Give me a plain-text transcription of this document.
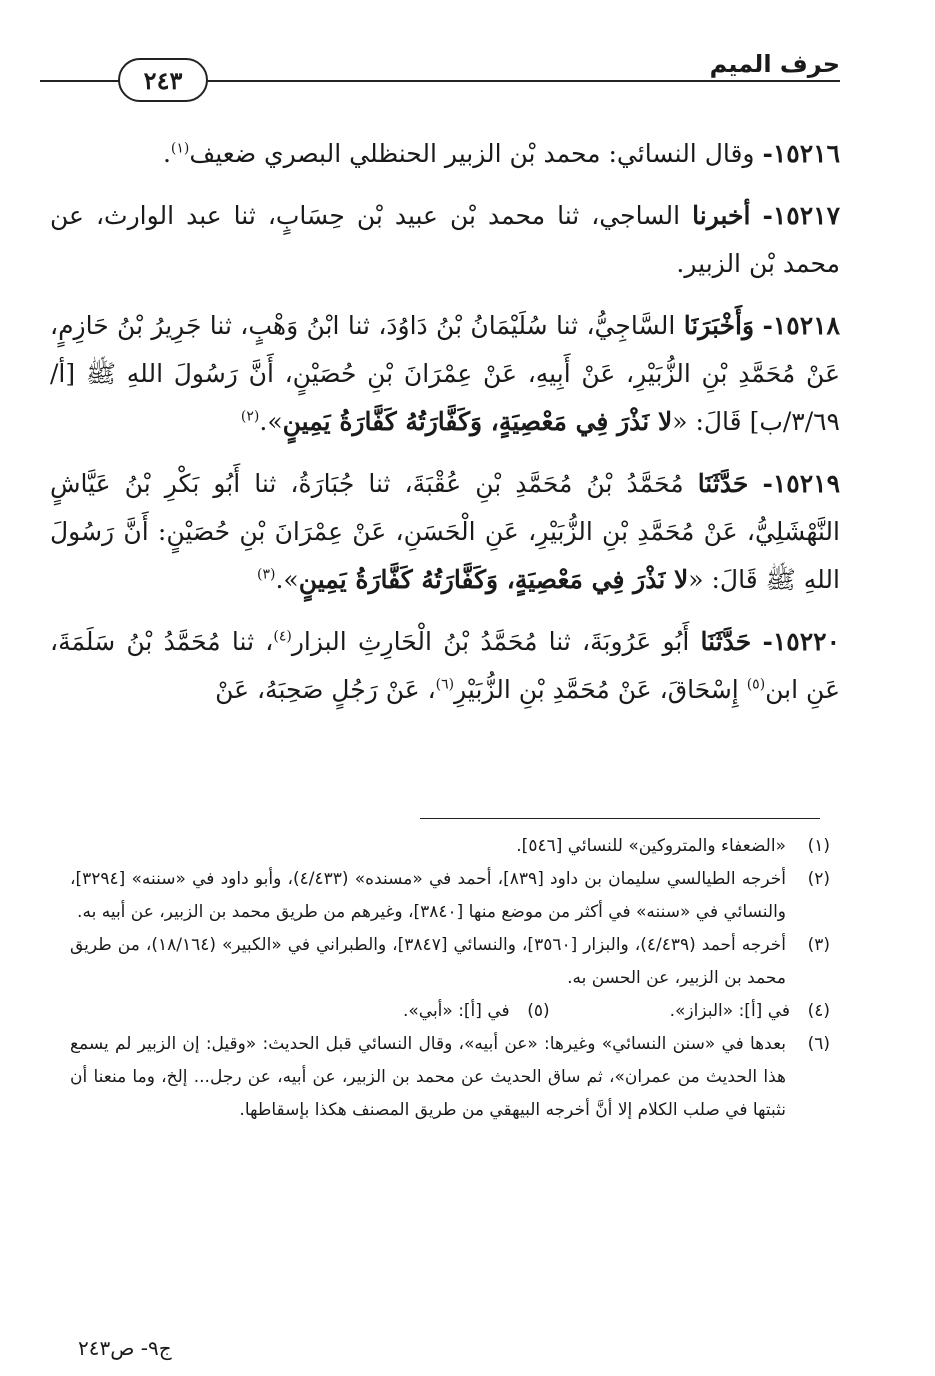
٢٤٣
حرف الميم

١٥٢١٦- وقال النسائي: محمد بْن الزبير الحنظلي البصري ضعيف$^{(١)}$.

١٥٢١٧- أخبرنا الساجي، ثنا محمد بْن عبيد بْن حِسَابٍ، ثنا عبد الوارث، عن محمد بْن الزبير.

١٥٢١٨- وَأَخْبَرَنَا السَّاجِيُّ، ثنا سُلَيْمَانُ بْنُ دَاوُدَ، ثنا ابْنُ وَهْبٍ، ثنا جَرِيرُ بْنُ حَازِمٍ، عَنْ مُحَمَّدِ بْنِ الزُّبَيْرِ، عَنْ أَبِيهِ، عَنْ عِمْرَانَ بْنِ حُصَيْنٍ، أَنَّ رَسُولَ اللهِ ﷺ [أ/٣/٦٩/ب] قَالَ: «لا نَذْرَ فِي مَعْصِيَةٍ، وَكَفَّارَتُهُ كَفَّارَةُ يَمِينٍ».$^{(٢)}$

١٥٢١٩- حَدَّثَنَا مُحَمَّدُ بْنُ مُحَمَّدِ بْنِ عُقْبَةَ، ثنا جُبَارَةُ، ثنا أَبُو بَكْرِ بْنُ عَيَّاشٍ النَّهْشَلِيُّ، عَنْ مُحَمَّدِ بْنِ الزُّبَيْرِ، عَنِ الْحَسَنِ، عَنْ عِمْرَانَ بْنِ حُصَيْنٍ: أَنَّ رَسُولَ اللهِ ﷺ قَالَ: «لا نَذْرَ فِي مَعْصِيَةٍ، وَكَفَّارَتُهُ كَفَّارَةُ يَمِينٍ».$^{(٣)}$

١٥٢٢٠- حَدَّثَنَا أَبُو عَرُوبَةَ، ثنا مُحَمَّدُ بْنُ الْحَارِثِ البزار$^{(٤)}$، ثنا مُحَمَّدُ بْنُ سَلَمَةَ، عَنِ ابن$^{(٥)}$ إِسْحَاقَ، عَنْ مُحَمَّدِ بْنِ الزُّبَيْرِ$^{(٦)}$، عَنْ رَجُلٍ صَحِبَهُ، عَنْ

(١)
«الضعفاء والمتروكين» للنسائي [٥٤٦].
(٢)
أخرجه الطيالسي سليمان بن داود [٨٣٩]، أحمد في «مسنده» (٤/٤٣٣)، وأبو داود في «سننه» [٣٢٩٤]، والنسائي في «سننه» في أكثر من موضع منها [٣٨٤٠]، وغيرهم من طريق محمد بن الزبير، عن أبيه به.
(٣)
أخرجه أحمد (٤/٤٣٩)، والبزار [٣٥٦٠]، والنسائي [٣٨٤٧]، والطبراني في «الكبير» (١٨/١٦٤)، من طريق محمد بن الزبير، عن الحسن به.
(٤)
في [أ]: «البزاز».
(٥)
في [أ]: «أبي».
(٦)
بعدها في «سنن النسائي» وغيرها: «عن أبيه»، وقال النسائي قبل الحديث: «وقيل: إن الزبير لم يسمع هذا الحديث من عمران»، ثم ساق الحديث عن محمد بن الزبير، عن أبيه، عن رجل... إلخ، وما منعنا أن نثبتها في صلب الكلام إلا أنَّ أخرجه البيهقي من طريق المصنف هكذا بإسقاطها.
ج٩- ص٢٤٣
